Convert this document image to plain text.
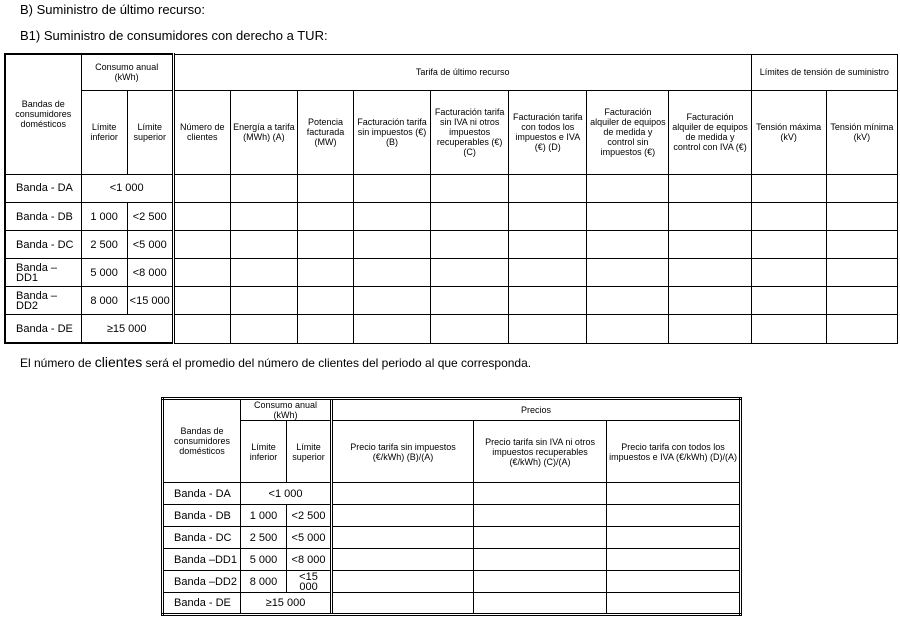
B) Suministro de último recurso:
B1) Suministro de consumidores con derecho a TUR:
Bandas de consumidores domésticos	Consumo anual (kWh)		Tarifa de último recurso								Límites de tensión de suministro	
	Límite inferior	Límite superior	Número de clientes	Energía a tarifa (MWh) (A)	Potencia facturada (MW)	Facturación tarifa sin impuestos (€) (B)	Facturación tarifa sin IVA ni otros impuestos recuperables (€) (C)	Facturación tarifa con todos los impuestos e IVA (€) (D)	Facturación alquiler de equipos de medida y control sin impuestos (€)	Facturación alquiler de equipos de medida y control con IVA (€)	Tensión máxima (kV)	Tensión mínima (kV)
Banda - DA	<1 000											
Banda - DB	1 000	<2 500										
Banda - DC	2 500	<5 000										
Banda –DD1	5 000	<8 000										
Banda –DD2	8 000	<15 000										
Banda - DE	≥15 000											
El número de clientes será el promedio del número de clientes del periodo al que corresponda.
Bandas de consumidores domésticos	Consumo anual (kWh)		Precios		
	Límite inferior	Límite superior	Precio tarifa sin impuestos (€/kWh) (B)/(A)	Precio tarifa sin IVA ni otros impuestos recuperables (€/kWh) (C)/(A)	Precio tarifa con todos los impuestos e IVA (€/kWh) (D)/(A)
Banda - DA	<1 000				
Banda - DB	1 000	<2 500			
Banda - DC	2 500	<5 000			
Banda –DD1	5 000	<8 000			
Banda –DD2	8 000	<15 000			
Banda - DE	≥15 000				
